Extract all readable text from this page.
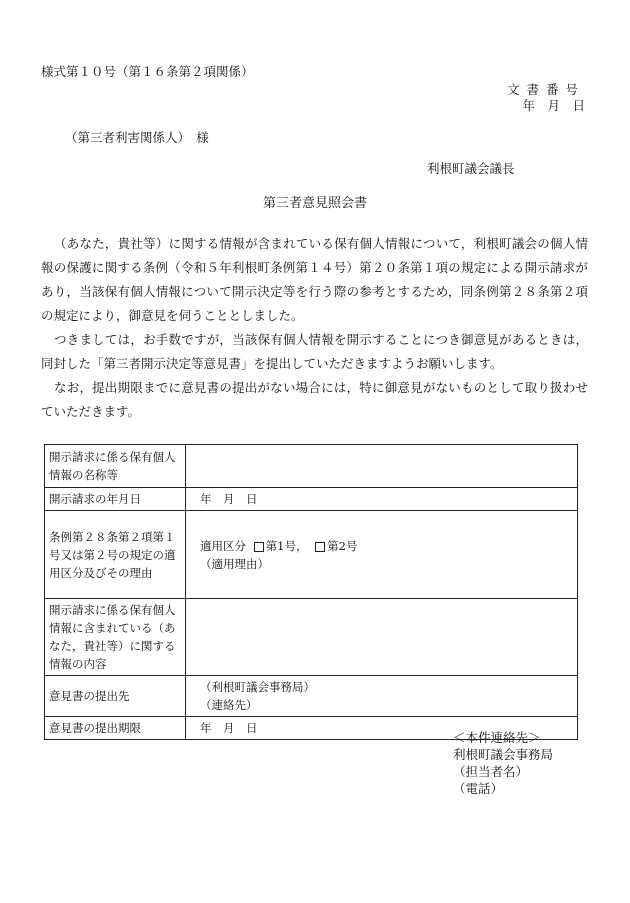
様式第１０号（第１６条第２項関係）
文書番号
年　月　日
（第三者利害関係人）　様
利根町議会議長
第三者意見照会書
（あなた，貴社等）に関する情報が含まれている保有個人情報について，利根町議会の個人情報の保護に関する条例（令和５年利根町条例第１４号）第２０条第１項の規定による開示請求があり，当該保有個人情報について開示決定等を行う際の参考とするため，同条例第２８条第２項の規定により，御意見を伺うこととしました。
つきましては，お手数ですが，当該保有個人情報を開示することにつき御意見があるときは，同封した「第三者開示決定等意見書」を提出していただきますようお願いします。
なお，提出期限までに意見書の提出がない場合には，特に御意見がないものとして取り扱わせていただきます。
開示請求に係る保有個人情報の名称等	
開示請求の年月日	年　月　日
条例第２８条第２項第１号又は第２号の規定の適用区分及びその理由	適用区分 第1号， 第2号
（適用理由）
開示請求に係る保有個人情報に含まれている（あなた，貴社等）に関する情報の内容	
意見書の提出先	（利根町議会事務局）
（連絡先）

意見書の提出期限	年　月　日
＜本件連絡先＞
利根町議会事務局
（担当者名）
（電話）
